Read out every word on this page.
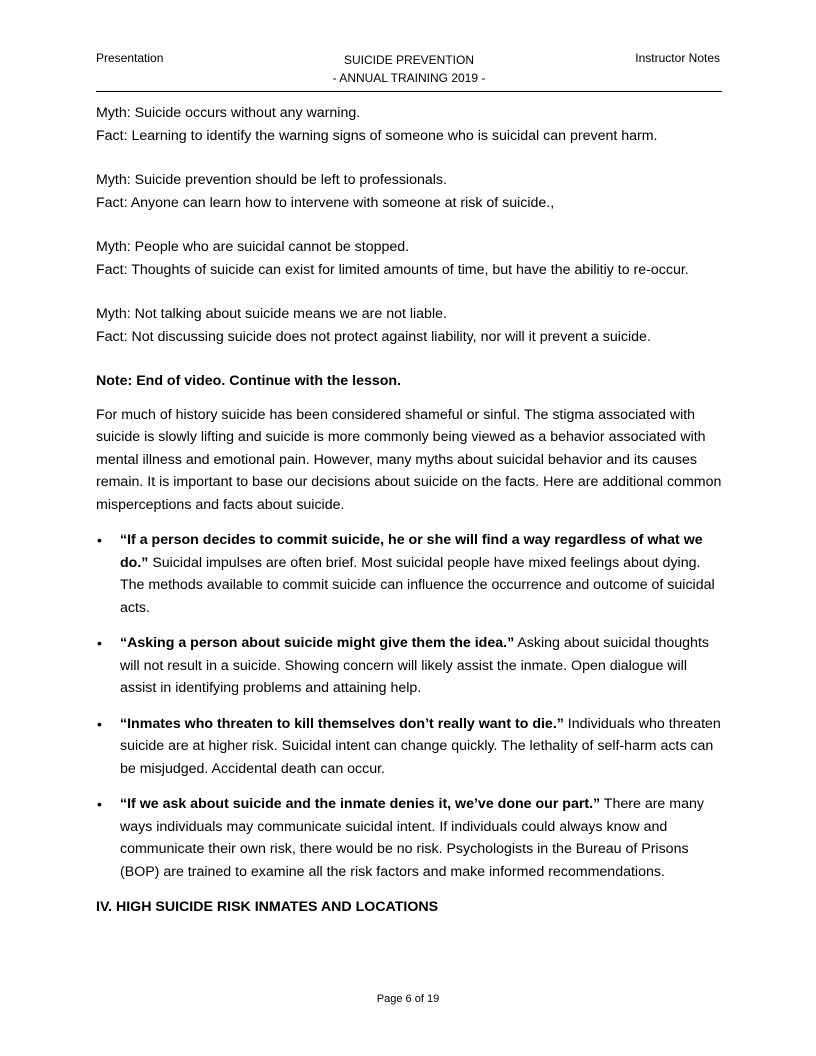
Presentation	SUICIDE PREVENTION
- ANNUAL TRAINING 2019 -
Instructor Notes

Myth: Suicide occurs without any warning.
Fact: Learning to identify the warning signs of someone who is suicidal can prevent harm.

Myth: Suicide prevention should be left to professionals.
Fact: Anyone can learn how to intervene with someone at risk of suicide.,

Myth: People who are suicidal cannot be stopped.
Fact: Thoughts of suicide can exist for limited amounts of time, but have the abilitiy to re-occur.

Myth: Not talking about suicide means we are not liable.
Fact: Not discussing suicide does not protect against liability, nor will it prevent a suicide.

Note: End of video. Continue with the lesson.

For much of history suicide has been considered shameful or sinful. The stigma associated with suicide is slowly lifting and suicide is more commonly being viewed as a behavior associated with mental illness and emotional pain. However, many myths about suicidal behavior and its causes remain. It is important to base our decisions about suicide on the facts. Here are additional common misperceptions and facts about suicide.

• “If a person decides to commit suicide, he or she will find a way regardless of what we do.” Suicidal impulses are often brief. Most suicidal people have mixed feelings about dying. The methods available to commit suicide can influence the occurrence and outcome of suicidal acts.
• “Asking a person about suicide might give them the idea.” Asking about suicidal thoughts will not result in a suicide. Showing concern will likely assist the inmate. Open dialogue will assist in identifying problems and attaining help.
• “Inmates who threaten to kill themselves don’t really want to die.” Individuals who threaten suicide are at higher risk. Suicidal intent can change quickly. The lethality of self-harm acts can be misjudged. Accidental death can occur.
• “If we ask about suicide and the inmate denies it, we’ve done our part.” There are many ways individuals may communicate suicidal intent. If individuals could always know and communicate their own risk, there would be no risk. Psychologists in the Bureau of Prisons (BOP) are trained to examine all the risk factors and make informed recommendations.

IV. HIGH SUICIDE RISK INMATES AND LOCATIONS

Page 6 of 19
